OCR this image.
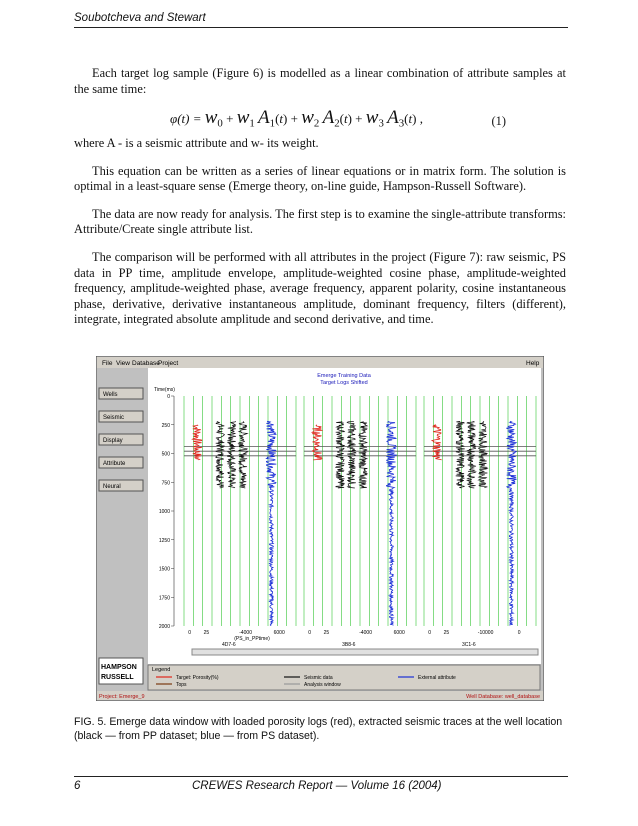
Soubotcheva and Stewart

Each target log sample (Figure 6) is modelled as a linear combination of attribute samples at the same time:

$\varphi(t) = w_0 + w_1$ $A_1(t) + w_2$ $A_2(t) + w_3$ $A_3(t)$ ,	(1)

where A - is a seismic attribute and w- its weight.

This equation can be written as a series of linear equations or in matrix form. The solution is optimal in a least-square sense (Emerge theory, on-line guide, Hampson-Russell Software).

The data are now ready for analysis. The first step is to examine the single-attribute transforms: Attribute/Create single attribute list.

The comparison will be performed with all attributes in the project (Figure 7): raw seismic, PS data in PP time, amplitude envelope, amplitude-weighted cosine phase, amplitude-weighted frequency, amplitude-weighted phase, average frequency, apparent polarity, cosine instantaneous phase, derivative, derivative instantaneous amplitude, dominant frequency, filters (different), integrate, integrated absolute amplitude and second derivative, and time.

File View Database
Project	Help
Wells
Seismic
Display
Attribute
Neural
Emerge Training Data
Target Logs Shifted
Time(ms)
0
250
500
750
1000
1250
1500
1750
2000
0	25	-4000	6000
4D7-6
0	25	-4000	6000
3B8-6
0	25	-10000	0
3C1-6
(PS_in_PPtime)
HAMPSON
RUSSELL
Legend
Target: Porosity(%)
Tops
Seismic data
Analysis window
External attribute
Project: Emerge_9	Well Database: well_database
FIG. 5. Emerge data window with loaded porosity logs (red), extracted seismic traces at the well location (black — from PP dataset; blue — from PS dataset).
6	CREWES Research Report — Volume 16 (2004)
